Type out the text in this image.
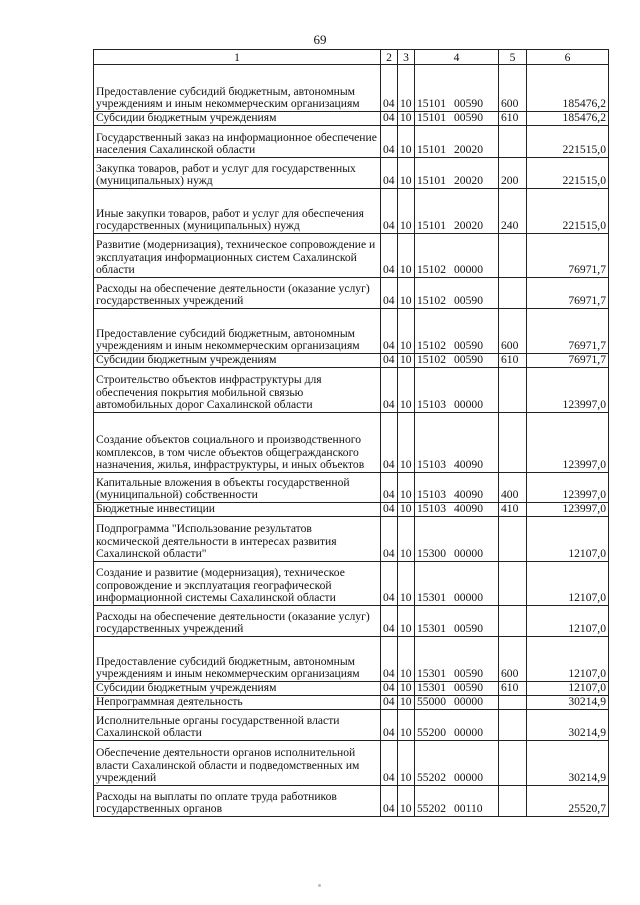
69
1	2	3	4	5	6
Предоставление субсидий бюджетным, автономным учреждениям и иным некоммерческим организациям	04	10	15101 00590	600	185476,2
Субсидии бюджетным учреждениям	04	10	15101 00590	610	185476,2
Государственный заказ на информационное обеспечение населения Сахалинской области	04	10	15101 20020		221515,0
Закупка товаров, работ и услуг для государственных (муниципальных) нужд	04	10	15101 20020	200	221515,0
Иные закупки товаров, работ и услуг для обеспечения государственных (муниципальных) нужд	04	10	15101 20020	240	221515,0
Развитие (модернизация), техническое сопровождение и эксплуатация информационных систем Сахалинской области	04	10	15102 00000		76971,7
Расходы на обеспечение деятельности (оказание услуг) государственных учреждений	04	10	15102 00590		76971,7
Предоставление субсидий бюджетным, автономным учреждениям и иным некоммерческим организациям	04	10	15102 00590	600	76971,7
Субсидии бюджетным учреждениям	04	10	15102 00590	610	76971,7
Строительство объектов инфраструктуры для обеспечения покрытия мобильной связью автомобильных дорог Сахалинской области	04	10	15103 00000		123997,0
Создание объектов социального и производственного комплексов, в том числе объектов общегражданского назначения, жилья, инфраструктуры, и иных объектов	04	10	15103 40090		123997,0
Капитальные вложения в объекты государственной (муниципальной) собственности	04	10	15103 40090	400	123997,0
Бюджетные инвестиции	04	10	15103 40090	410	123997,0
Подпрограмма "Использование результатов космической деятельности в интересах развития Сахалинской области"	04	10	15300 00000		12107,0
Создание и развитие (модернизация), техническое сопровождение и эксплуатация географической информационной системы Сахалинской области	04	10	15301 00000		12107,0
Расходы на обеспечение деятельности (оказание услуг) государственных учреждений	04	10	15301 00590		12107,0
Предоставление субсидий бюджетным, автономным учреждениям и иным некоммерческим организациям	04	10	15301 00590	600	12107,0
Субсидии бюджетным учреждениям	04	10	15301 00590	610	12107,0
Непрограммная деятельность	04	10	55000 00000		30214,9
Исполнительные органы государственной власти Сахалинской области	04	10	55200 00000		30214,9
Обеспечение деятельности органов исполнительной власти Сахалинской области и подведомственных им учреждений	04	10	55202 00000		30214,9
Расходы на выплаты по оплате труда работников государственных органов	04	10	55202 00110		25520,7
